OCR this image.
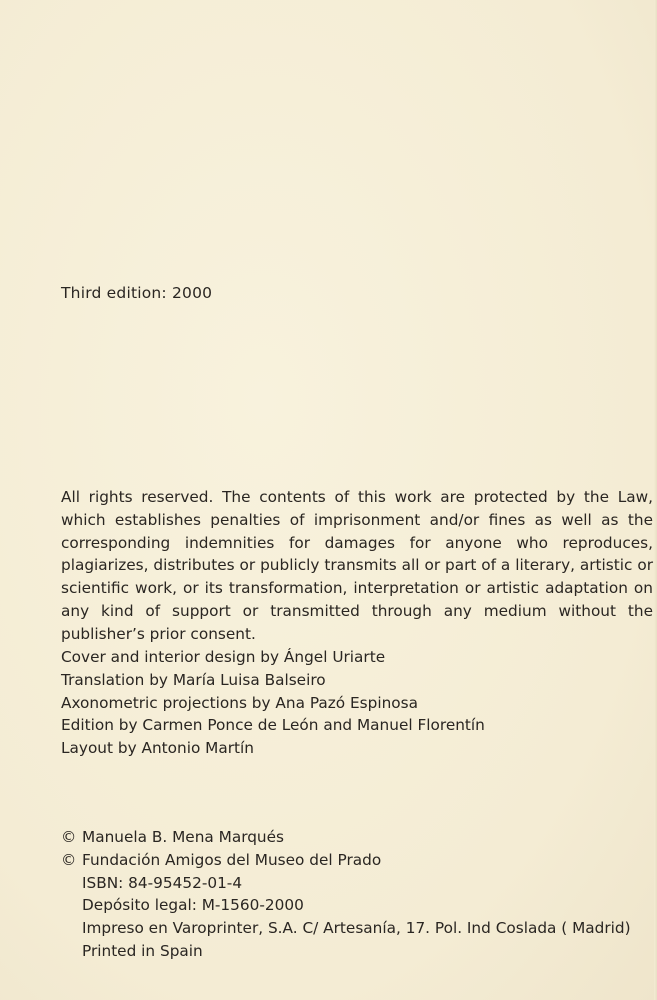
Third edition: 2000
All rights reserved. The contents of this work are protected by the Law, which establishes penalties of imprisonment and/or fines as well as the corresponding indemnities for damages for anyone who reproduces, plagiarizes, distributes or publicly transmits all or part of a literary, artistic or scientific work, or its transformation, interpretation or artistic adaptation on any kind of support or transmitted through any medium without the publisher’s prior consent.
Cover and interior design by Ángel Uriarte
Translation by María Luisa Balseiro
Axonometric projections by Ana Pazó Espinosa
Edition by Carmen Ponce de León and Manuel Florentín
Layout by Antonio Martín
© Manuela B. Mena Marqués
© Fundación Amigos del Museo del Prado
ISBN: 84-95452-01-4
Depósito legal: M-1560-2000
Impreso en Varoprinter, S.A. C/ Artesanía, 17. Pol. Ind Coslada ( Madrid)
Printed in Spain
